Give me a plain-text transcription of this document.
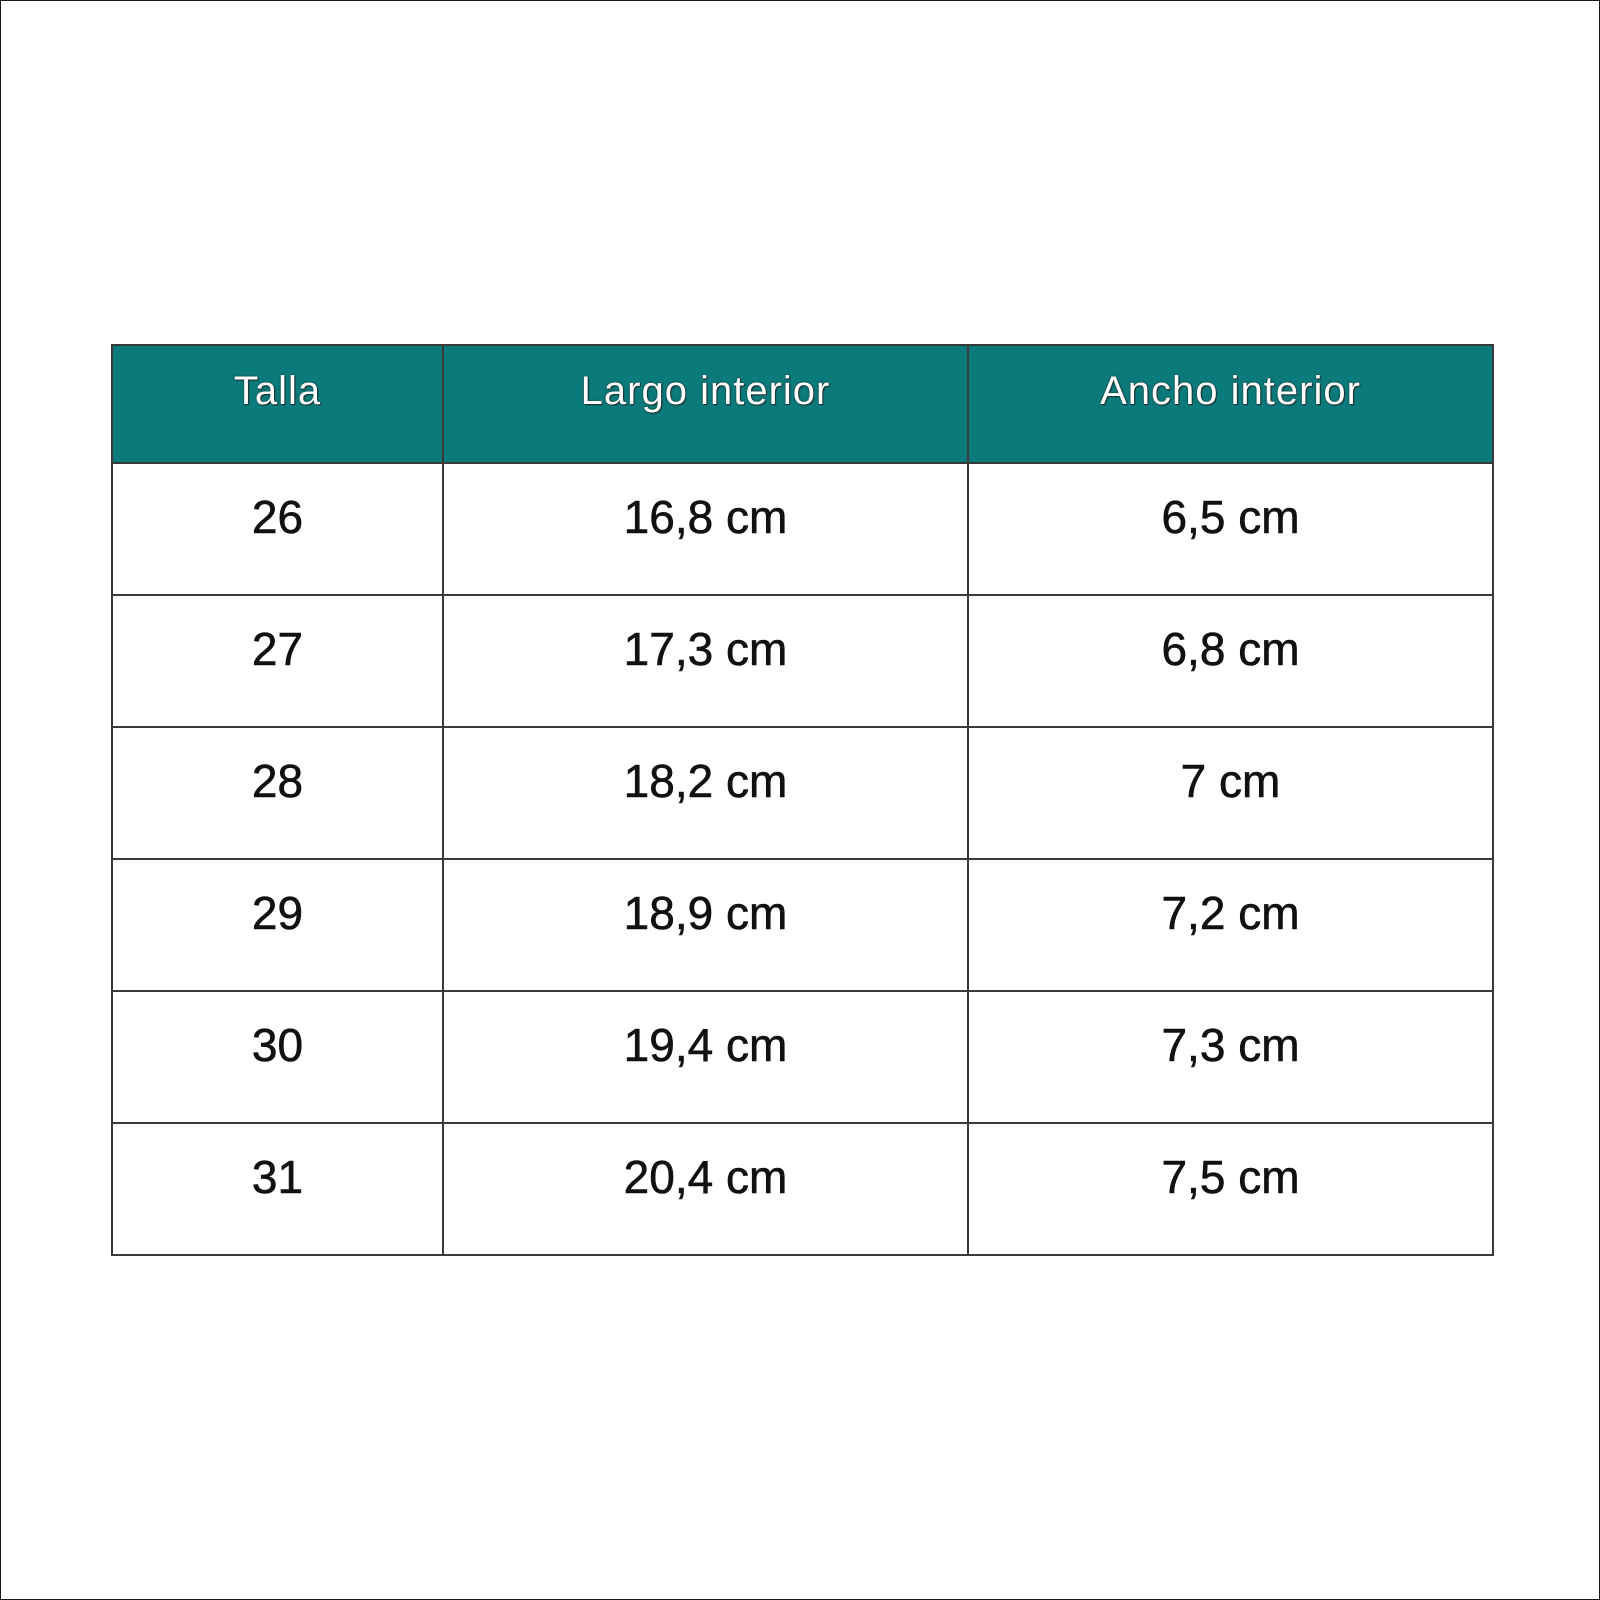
Talla	Largo interior	Ancho interior
26	16,8 cm	6,5 cm
27	17,3 cm	6,8 cm
28	18,2 cm	7 cm
29	18,9 cm	7,2 cm
30	19,4 cm	7,3 cm
31	20,4 cm	7,5 cm
